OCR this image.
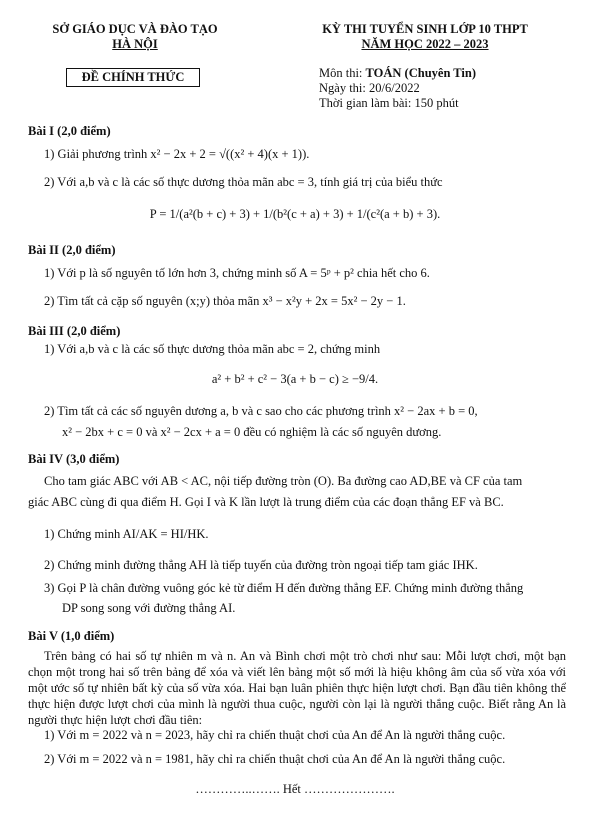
SỞ GIÁO DỤC VÀ ĐÀO TẠO
HÀ NỘI
ĐỀ CHÍNH THỨC
KỲ THI TUYỂN SINH LỚP 10 THPT
NĂM HỌC 2022 – 2023
Môn thi: TOÁN (Chuyên Tin)
Ngày thi: 20/6/2022
Thời gian làm bài: 150 phút
Bài I (2,0 điểm)
1) Giải phương trình x² − 2x + 2 = √((x² + 4)(x + 1)).
2) Với a,b và c là các số thực dương thỏa mãn abc = 3, tính giá trị của biểu thức
P = 1/(a²(b + c) + 3) + 1/(b²(c + a) + 3) + 1/(c²(a + b) + 3).
Bài II (2,0 điểm)
1) Với p là số nguyên tố lớn hơn 3, chứng minh số A = 5ᵖ + p² chia hết cho 6.
2) Tìm tất cả cặp số nguyên (x;y) thỏa mãn x³ − x²y + 2x = 5x² − 2y − 1.
Bài III (2,0 điểm)
1) Với a,b và c là các số thực dương thỏa mãn abc = 2, chứng minh
a² + b² + c² − 3(a + b − c) ≥ −9/4.
2) Tìm tất cả các số nguyên dương a, b và c sao cho các phương trình x² − 2ax + b = 0,
x² − 2bx + c = 0 và x² − 2cx + a = 0 đều có nghiệm là các số nguyên dương.
Bài IV (3,0 điểm)
Cho tam giác ABC với AB < AC, nội tiếp đường tròn (O). Ba đường cao AD,BE và CF của tam
giác ABC cùng đi qua điểm H. Gọi I và K lần lượt là trung điểm của các đoạn thẳng EF và BC.
1) Chứng minh AI/AK = HI/HK.
2) Chứng minh đường thẳng AH là tiếp tuyến của đường tròn ngoại tiếp tam giác IHK.
3) Gọi P là chân đường vuông góc kẻ từ điểm H đến đường thẳng EF. Chứng minh đường thẳng
DP song song với đường thẳng AI.
Bài V (1,0 điểm)
Trên bảng có hai số tự nhiên m và n. An và Bình chơi một trò chơi như sau: Mỗi lượt chơi, một bạn chọn một trong hai số trên bảng để xóa và viết lên bảng một số mới là hiệu không âm của số vừa xóa với một ước số tự nhiên bất kỳ của số vừa xóa. Hai bạn luân phiên thực hiện lượt chơi. Bạn đầu tiên không thể thực hiện được lượt chơi của mình là người thua cuộc, người còn lại là người thắng cuộc. Biết rằng An là người thực hiện lượt chơi đầu tiên:
1) Với m = 2022 và n = 2023, hãy chỉ ra chiến thuật chơi của An để An là người thắng cuộc.
2) Với m = 2022 và n = 1981, hãy chỉ ra chiến thuật chơi của An để An là người thắng cuộc.
…………..……. Hết ………………….
